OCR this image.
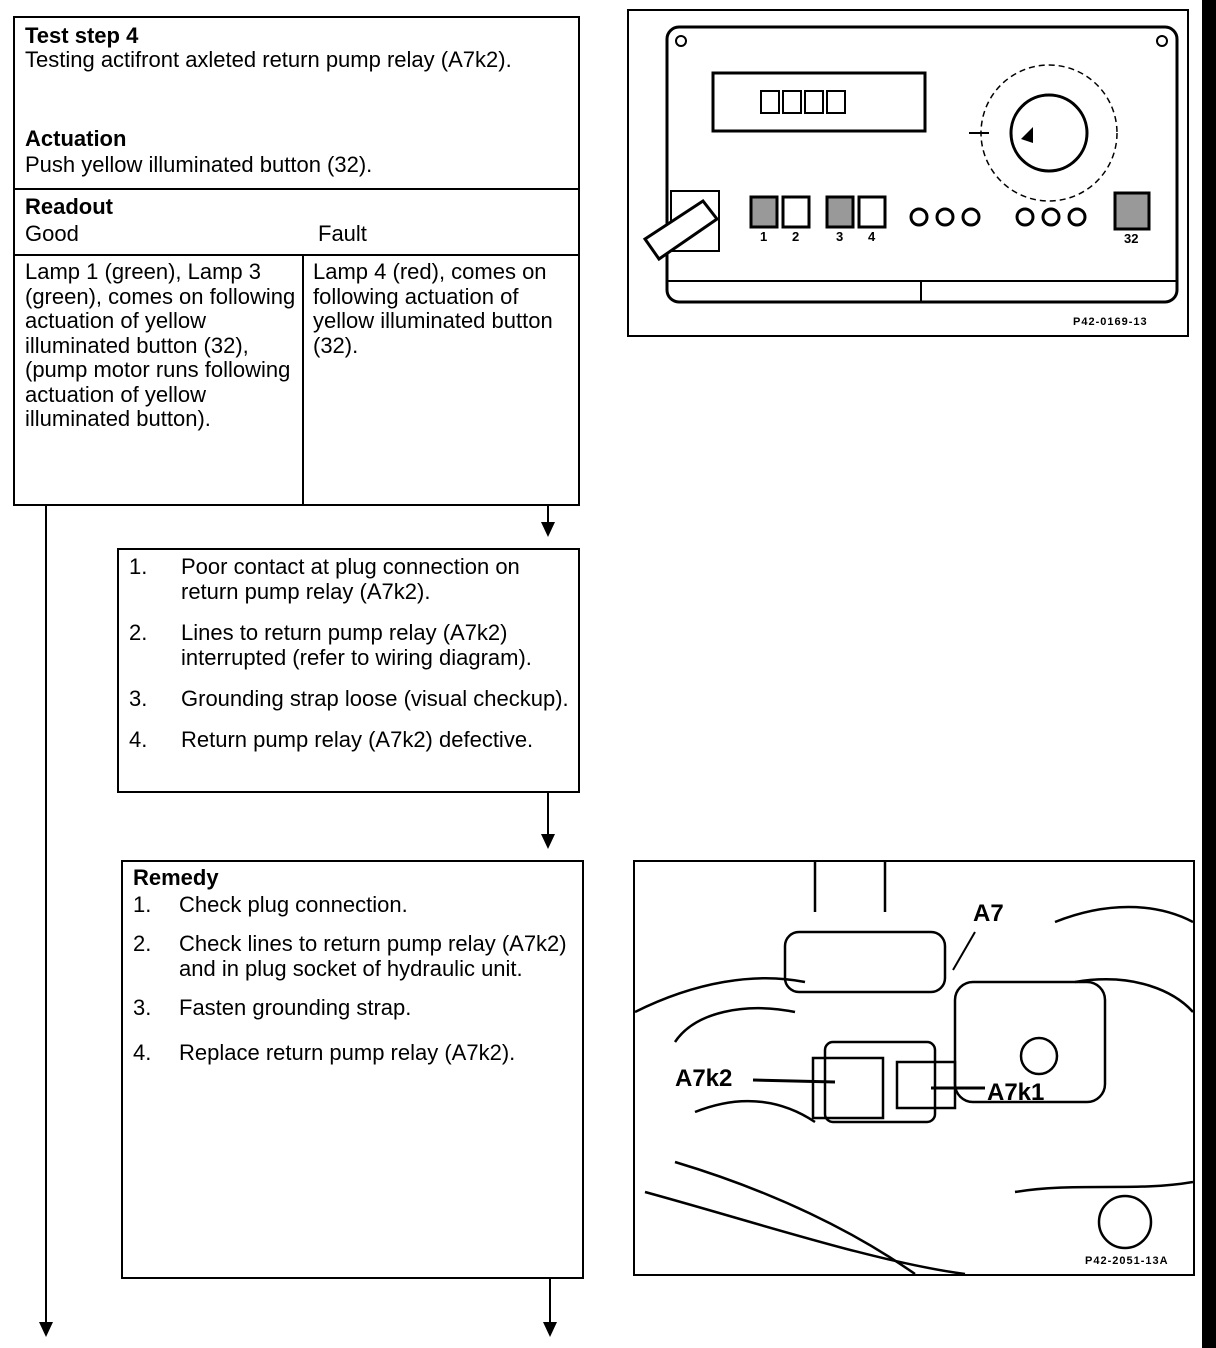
Test step 4
Testing actifront axleted return pump relay (A7k2).
Actuation
Push yellow illuminated button (32).
Readout
Good	Fault
Lamp 1 (green), Lamp 3 (green), comes on following actuation of yellow illuminated button (32), (pump motor runs following actuation of yellow illuminated button).
Lamp 4 (red), comes on following actuation of yellow illuminated button (32).
1. Poor contact at plug connection on return pump relay (A7k2).
2. Lines to return pump relay (A7k2) interrupted (refer to wiring diagram).
3. Grounding strap loose (visual checkup).
4. Return pump relay (A7k2) defective.
Remedy
1. Check plug connection.
2. Check lines to return pump relay (A7k2) and in plug socket of hydraulic unit.
3. Fasten grounding strap.
4. Replace return pump relay (A7k2).
1 2	3 4	32
P42-0169-13
A7
A7k2
A7k1
P42-2051-13A
